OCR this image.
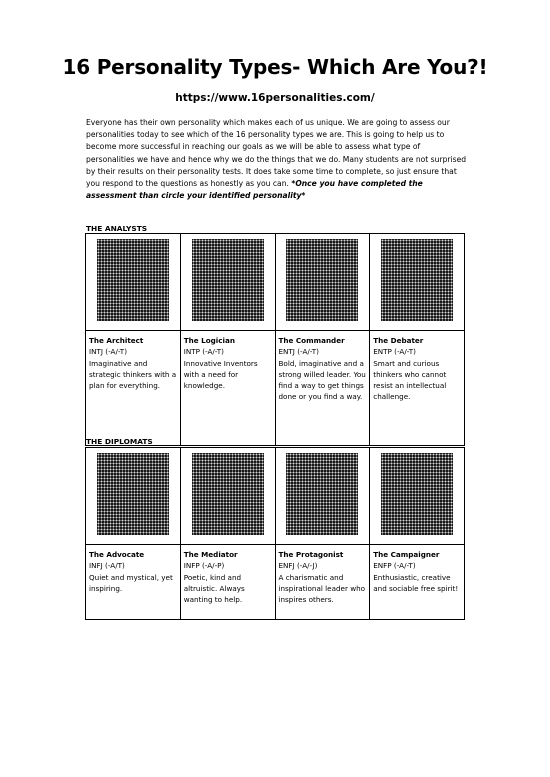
16 Personality Types- Which Are You?!
https://www.16personalities.com/
Everyone has their own personality which makes each of us unique. We are going to assess our personalities today to see which of the 16 personality types we are. This is going to help us to become more successful in reaching our goals as we will be able to assess what type of personalities we have and hence why we do the things that we do. Many students are not surprised by their results on their personality tests. It does take some time to complete, so just ensure that you respond to the questions as honestly as you can. *Once you have completed the assessment than circle your identified personality*
THE ANALYSTS

The Architect
INTJ (-A/-T)
Imaginative and strategic thinkers with a plan for everything.	The Logician
INTP (-A/-T)
Innovative Inventors with a need for knowledge.	The Commander
ENTJ (-A/-T)
Bold, imaginative and a strong willed leader. You find a way to get things done or you find a way.	The Debater
ENTP (-A/-T)
Smart and curious thinkers who cannot resist an intellectual challenge.
THE DIPLOMATS

The Advocate
INFJ (-A/T)
Quiet and mystical, yet inspiring.	The Mediator
INFP (-A/-P)
Poetic, kind and altruistic. Always wanting to help.	The Protagonist
ENFJ (-A/-J)
A charismatic and inspirational leader who inspires others.	The Campaigner
ENFP (-A/-T)
Enthusiastic, creative and sociable free spirit!
